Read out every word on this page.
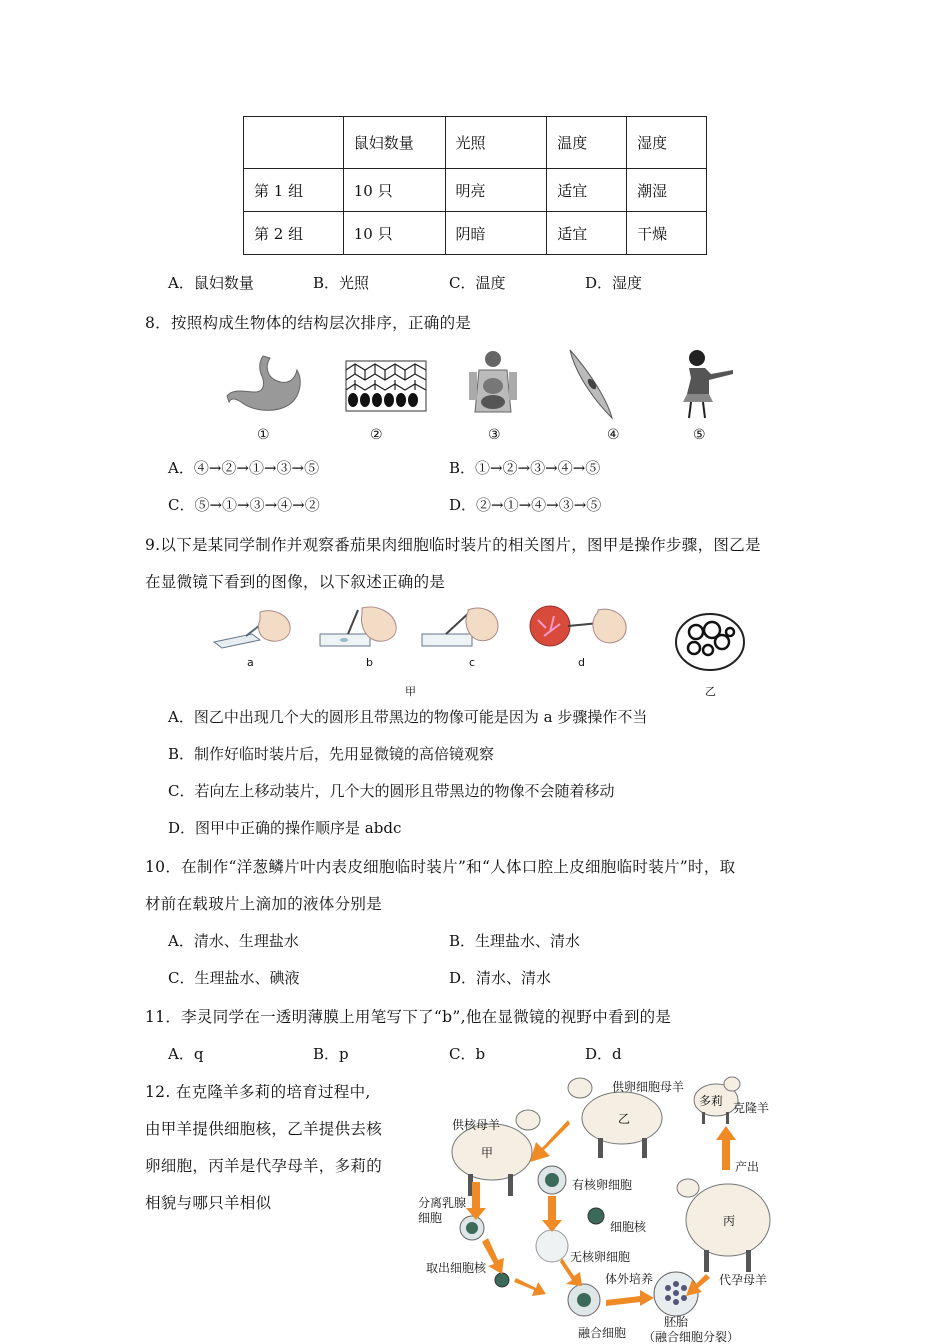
	鼠妇数量	光照	温度	湿度
第 1 组	10 只	明亮	适宜	潮湿
第 2 组	10 只	阴暗	适宜	干燥
A．鼠妇数量	B．光照	C．温度	D．湿度
8．按照构成生物体的结构层次排序，正确的是
①	②	③	④	⑤
A．④→②→①→③→⑤	B．①→②→③→④→⑤
C．⑤→①→③→④→②	D．②→①→④→③→⑤
9.以下是某同学制作并观察番茄果肉细胞临时装片的相关图片，图甲是操作步骤，图乙是
在显微镜下看到的图像，以下叙述正确的是
a	b	c	d
甲	乙
A．图乙中出现几个大的圆形且带黑边的物像可能是因为 a 步骤操作不当
B．制作好临时装片后，先用显微镜的高倍镜观察
C．若向左上移动装片，几个大的圆形且带黑边的物像不会随着移动
D．图甲中正确的操作顺序是 abdc
10．在制作“洋葱鳞片叶内表皮细胞临时装片”和“人体口腔上皮细胞临时装片”时，取
材前在载玻片上滴加的液体分别是
A．清水、生理盐水	B．生理盐水、清水
C．生理盐水、碘液	D．清水、清水
11．李灵同学在一透明薄膜上用笔写下了“b”,他在显微镜的视野中看到的是
A．q	B．p	C．b	D．d
12. 在克隆羊多莉的培育过程中,
由甲羊提供细胞核，乙羊提供去核
卵细胞，丙羊是代孕母羊，多莉的
相貌与哪只羊相似
供卵细胞母羊
乙
多莉 克隆羊
供核母羊
甲
产出
有核卵细胞
分离乳腺
细胞
细胞核	丙
无核卵细胞
取出细胞核
体外培养	代孕母羊
胚胎
融合细胞 （融合细胞分裂）
